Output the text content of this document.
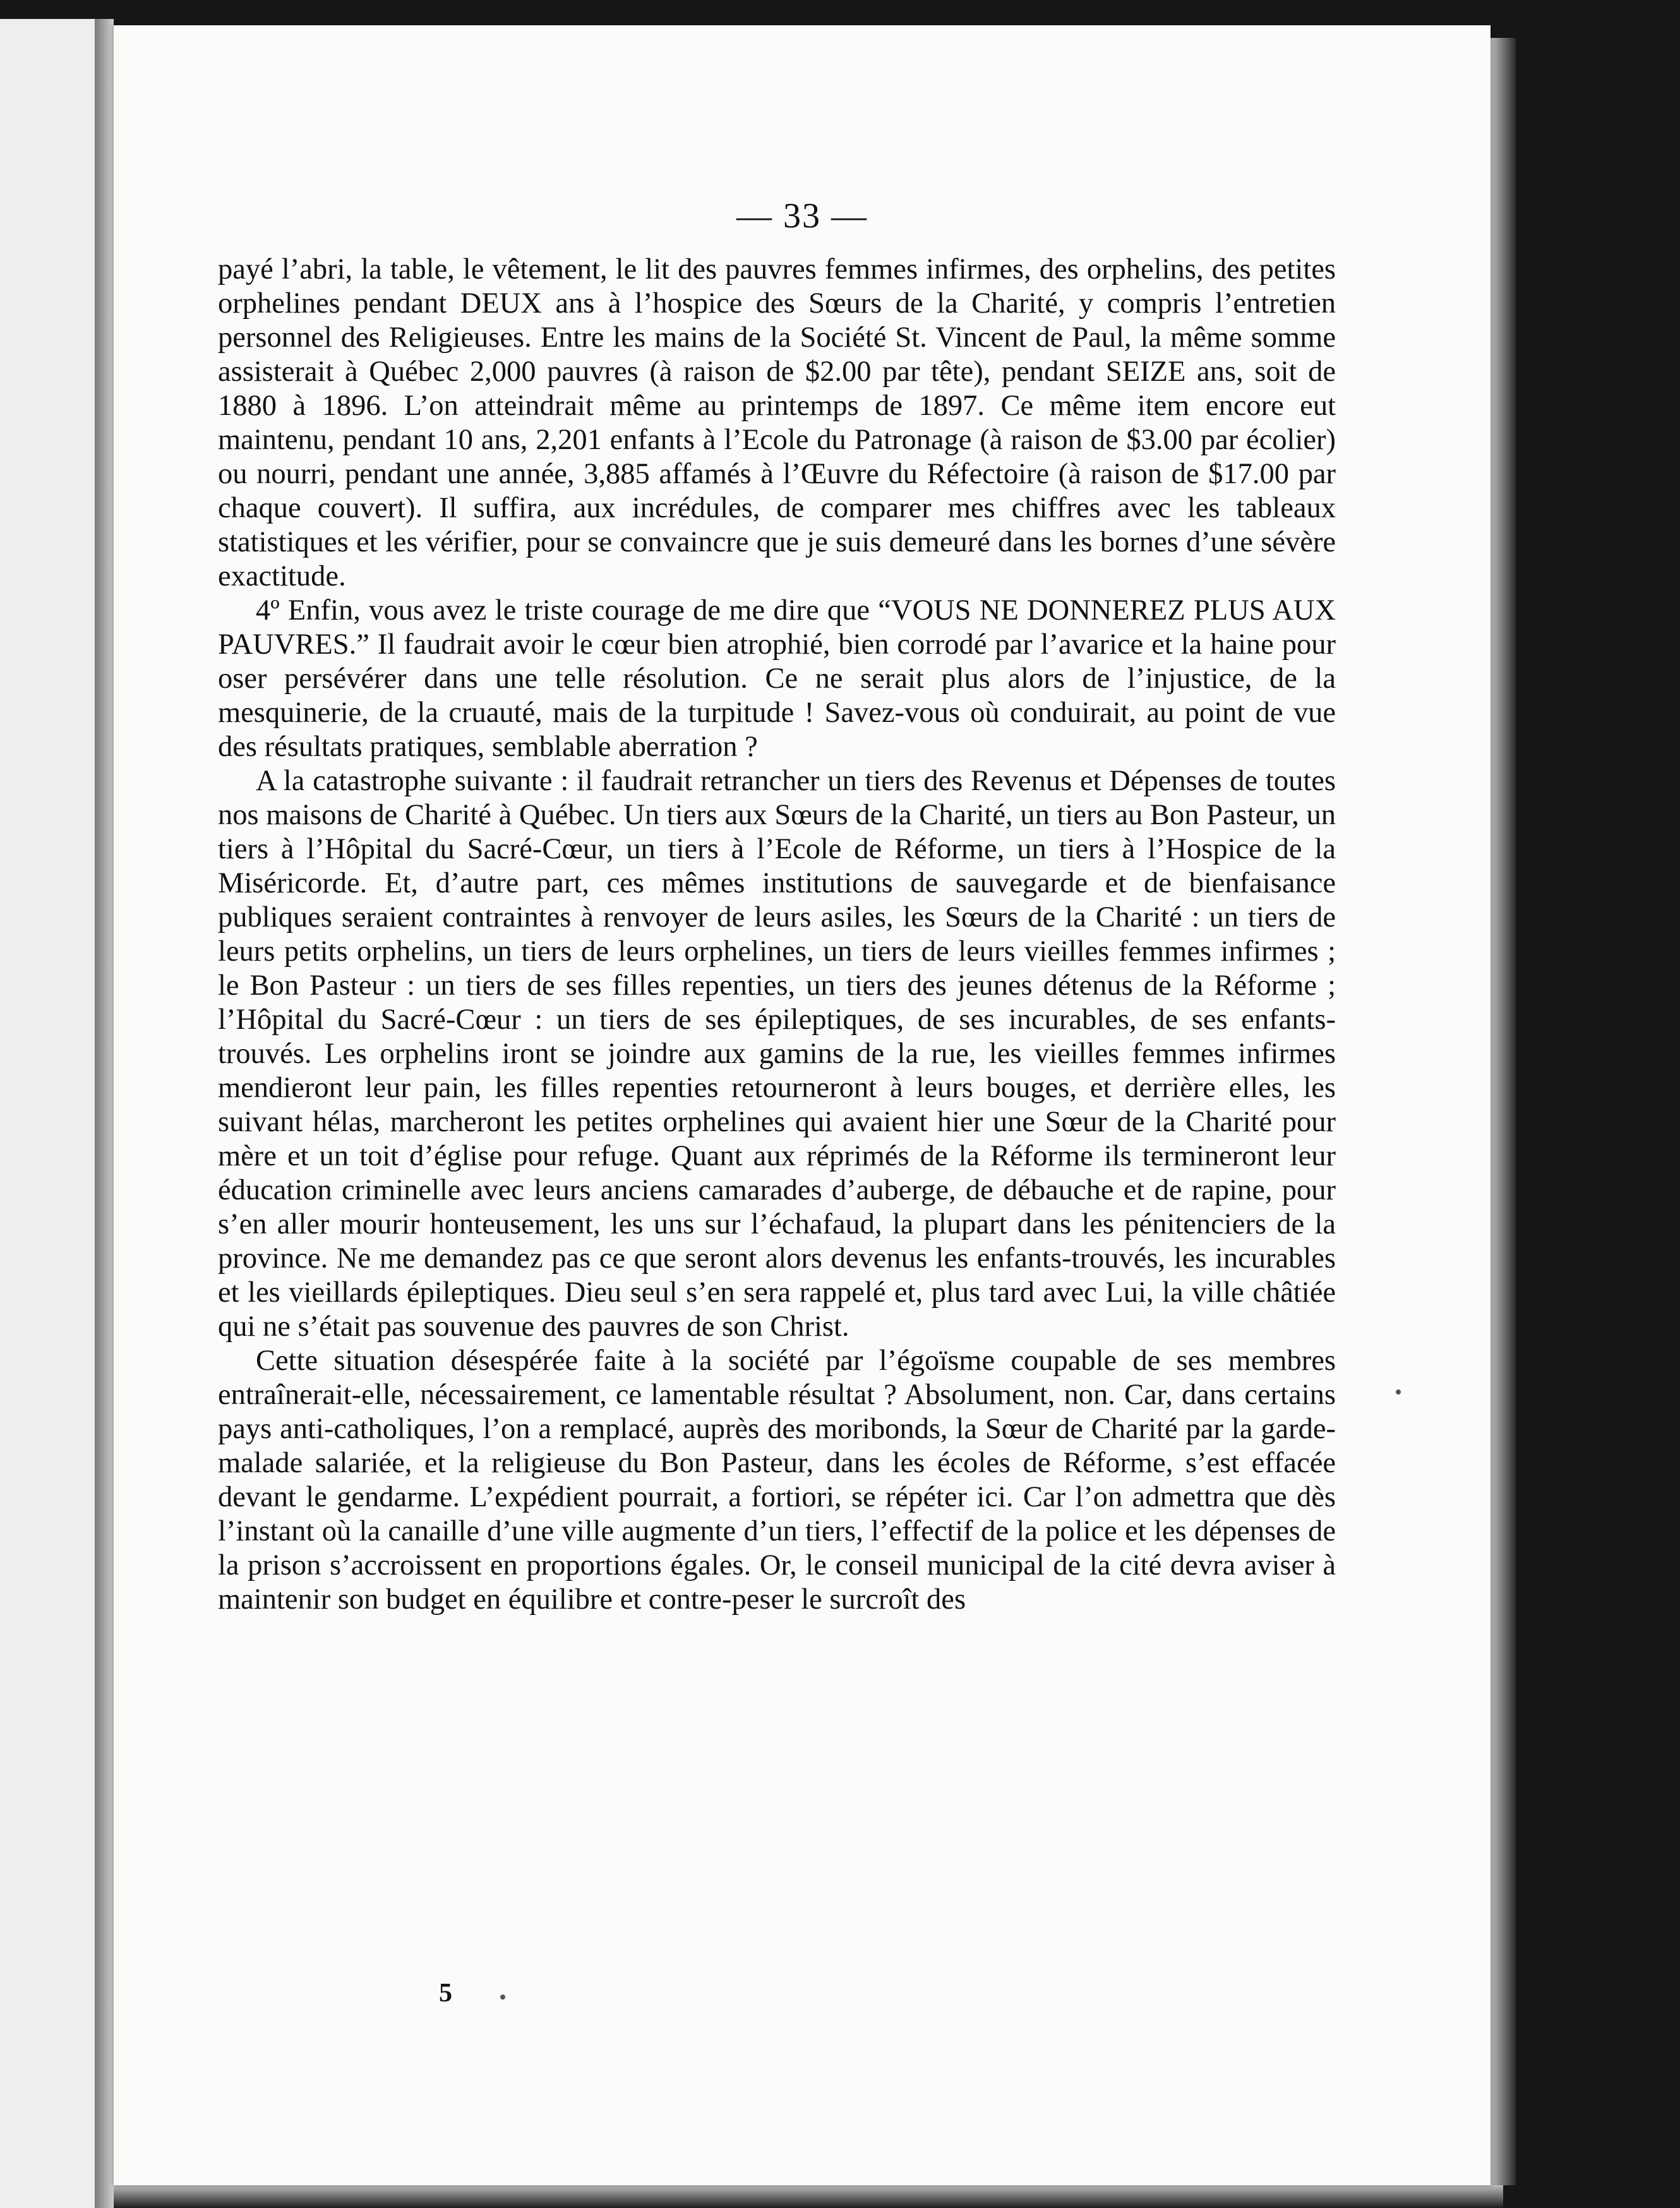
— 33 —

payé l’abri, la table, le vêtement, le lit des pauvres femmes infirmes, des orphelins, des petites orphelines pendant DEUX ans à l’hospice des Sœurs de la Charité, y compris l’entretien personnel des Religieuses. Entre les mains de la Société St. Vincent de Paul, la même somme assisterait à Québec 2,000 pauvres (à raison de $2.00 par tête), pendant SEIZE ans, soit de 1880 à 1896. L’on atteindrait même au printemps de 1897. Ce même item encore eut maintenu, pendant 10 ans, 2,201 enfants à l’Ecole du Patronage (à raison de $3.00 par écolier) ou nourri, pendant une année, 3,885 affamés à l’Œuvre du Réfectoire (à raison de $17.00 par chaque couvert). Il suffira, aux incrédules, de comparer mes chiffres avec les tableaux statistiques et les vérifier, pour se convaincre que je suis demeuré dans les bornes d’une sévère exactitude.

4º Enfin, vous avez le triste courage de me dire que “VOUS NE DONNEREZ PLUS AUX PAUVRES.” Il faudrait avoir le cœur bien atrophié, bien corrodé par l’avarice et la haine pour oser persévérer dans une telle résolution. Ce ne serait plus alors de l’injustice, de la mesquinerie, de la cruauté, mais de la turpitude ! Savez-vous où conduirait, au point de vue des résultats pratiques, semblable aberration ?

A la catastrophe suivante : il faudrait retrancher un tiers des Revenus et Dépenses de toutes nos maisons de Charité à Québec. Un tiers aux Sœurs de la Charité, un tiers au Bon Pasteur, un tiers à l’Hôpital du Sacré-Cœur, un tiers à l’Ecole de Réforme, un tiers à l’Hospice de la Miséricorde. Et, d’autre part, ces mêmes institutions de sauvegarde et de bienfaisance publiques seraient contraintes à renvoyer de leurs asiles, les Sœurs de la Charité : un tiers de leurs petits orphelins, un tiers de leurs orphelines, un tiers de leurs vieilles femmes infirmes ; le Bon Pasteur : un tiers de ses filles repenties, un tiers des jeunes détenus de la Réforme ; l’Hôpital du Sacré-Cœur : un tiers de ses épileptiques, de ses incurables, de ses enfants-trouvés. Les orphelins iront se joindre aux gamins de la rue, les vieilles femmes infirmes mendieront leur pain, les filles repenties retourneront à leurs bouges, et derrière elles, les suivant hélas, marcheront les petites orphelines qui avaient hier une Sœur de la Charité pour mère et un toit d’église pour refuge. Quant aux réprimés de la Réforme ils termineront leur éducation criminelle avec leurs anciens camarades d’auberge, de débauche et de rapine, pour s’en aller mourir honteusement, les uns sur l’échafaud, la plupart dans les pénitenciers de la province. Ne me demandez pas ce que seront alors devenus les enfants-trouvés, les incurables et les vieillards épileptiques. Dieu seul s’en sera rappelé et, plus tard avec Lui, la ville châtiée qui ne s’était pas souvenue des pauvres de son Christ.

Cette situation désespérée faite à la société par l’égoïsme coupable de ses membres entraînerait-elle, nécessairement, ce lamentable résultat ? Absolument, non. Car, dans certains pays anti-catholiques, l’on a remplacé, auprès des moribonds, la Sœur de Charité par la garde-malade salariée, et la religieuse du Bon Pasteur, dans les écoles de Réforme, s’est effacée devant le gendarme. L’expédient pourrait, a fortiori, se répéter ici. Car l’on admettra que dès l’instant où la canaille d’une ville augmente d’un tiers, l’effectif de la police et les dépenses de la prison s’accroissent en proportions égales. Or, le conseil municipal de la cité devra aviser à maintenir son budget en équilibre et contre-peser le surcroît des

5
